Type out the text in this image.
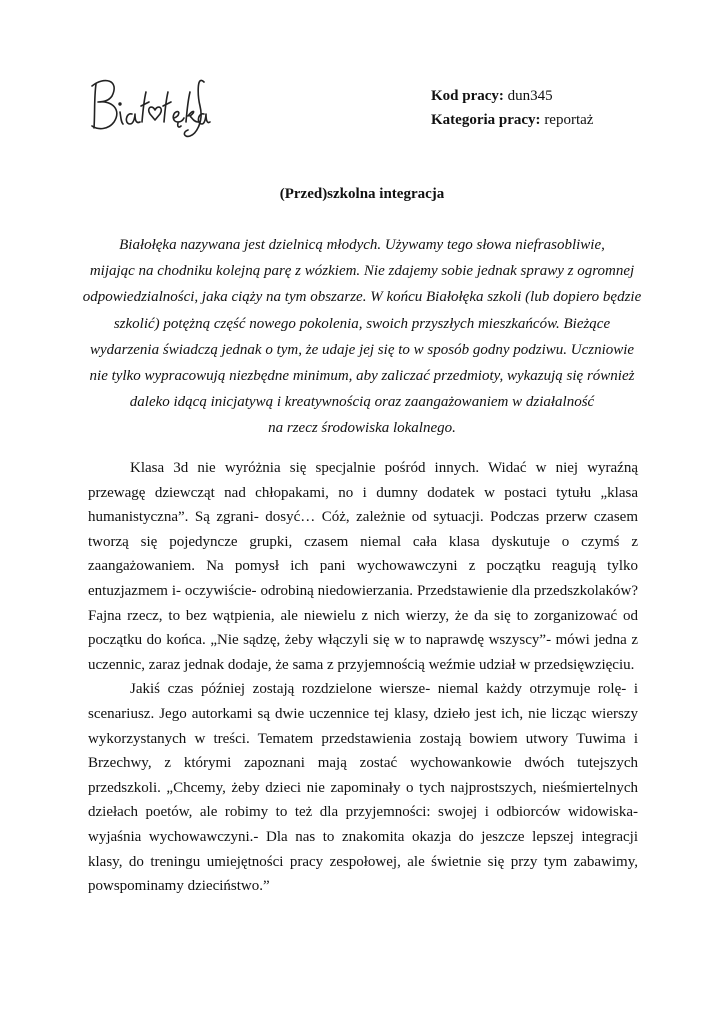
Kod pracy: dun345
Kategoria pracy: reportaż
(Przed)szkolna integracja
Białołęka nazywana jest dzielnicą młodych. Używamy tego słowa niefrasobliwie,
mijając na chodniku kolejną parę z wózkiem. Nie zdajemy sobie jednak sprawy z ogromnej
odpowiedzialności, jaka ciąży na tym obszarze. W końcu Białołęka szkoli (lub dopiero będzie
szkolić) potężną część nowego pokolenia, swoich przyszłych mieszkańców. Bieżące
wydarzenia świadczą jednak o tym, że udaje jej się to w sposób godny podziwu. Uczniowie
nie tylko wypracowują niezbędne minimum, aby zaliczać przedmioty, wykazują się również
daleko idącą inicjatywą i kreatywnością oraz zaangażowaniem w działalność
na rzecz środowiska lokalnego.

Klasa 3d nie wyróżnia się specjalnie pośród innych. Widać w niej wyraźną przewagę dziewcząt nad chłopakami, no i dumny dodatek w postaci tytułu „klasa humanistyczna”. Są zgrani- dosyć… Cóż, zależnie od sytuacji. Podczas przerw czasem tworzą się pojedyncze grupki, czasem niemal cała klasa dyskutuje o czymś z zaangażowaniem. Na pomysł ich pani wychowawczyni z początku reagują tylko entuzjazmem i- oczywiście- odrobiną niedowierzania. Przedstawienie dla przedszkolaków? Fajna rzecz, to bez wątpienia, ale niewielu z nich wierzy, że da się to zorganizować od początku do końca. „Nie sądzę, żeby włączyli się w to naprawdę wszyscy”- mówi jedna z uczennic, zaraz jednak dodaje, że sama z przyjemnością weźmie udział w przedsięwzięciu.

Jakiś czas później zostają rozdzielone wiersze- niemal każdy otrzymuje rolę- i scenariusz. Jego autorkami są dwie uczennice tej klasy, dzieło jest ich, nie licząc wierszy wykorzystanych w treści. Tematem przedstawienia zostają bowiem utwory Tuwima i Brzechwy, z którymi zapoznani mają zostać wychowankowie dwóch tutejszych przedszkoli. „Chcemy, żeby dzieci nie zapominały o tych najprostszych, nieśmiertelnych dziełach poetów, ale robimy to też dla przyjemności: swojej i odbiorców widowiska- wyjaśnia wychowawczyni.- Dla nas to znakomita okazja do jeszcze lepszej integracji klasy, do treningu umiejętności pracy zespołowej, ale świetnie się przy tym zabawimy, powspominamy dzieciństwo.”
